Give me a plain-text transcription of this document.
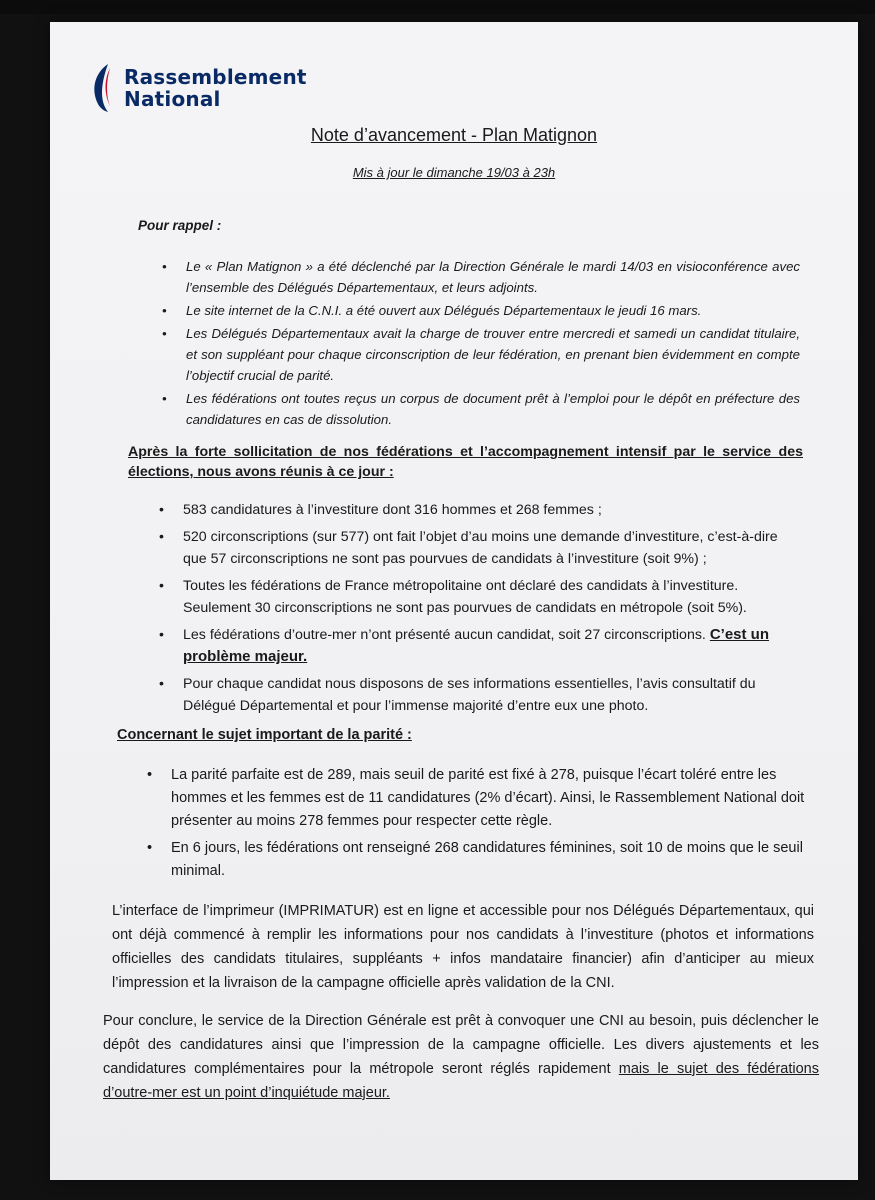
Rassemblement
National
Note d’avancement - Plan Matignon
Mis à jour le dimanche 19/03 à 23h
Pour rappel :
• Le « Plan Matignon » a été déclenché par la Direction Générale le mardi 14/03 en visioconférence avec l’ensemble des Délégués Départementaux, et leurs adjoints.
• Le site internet de la C.N.I. a été ouvert aux Délégués Départementaux le jeudi 16 mars.
• Les Délégués Départementaux avait la charge de trouver entre mercredi et samedi un candidat titulaire, et son suppléant pour chaque circonscription de leur fédération, en prenant bien évidemment en compte l’objectif crucial de parité.
• Les fédérations ont toutes reçus un corpus de document prêt à l’emploi pour le dépôt en préfecture des candidatures en cas de dissolution.
Après la forte sollicitation de nos fédérations et l’accompagnement intensif par le service des élections, nous avons réunis à ce jour :
• 583 candidatures à l’investiture dont 316 hommes et 268 femmes ;
• 520 circonscriptions (sur 577) ont fait l’objet d’au moins une demande d’investiture, c’est-à-dire que 57 circonscriptions ne sont pas pourvues de candidats à l’investiture (soit 9%) ;
• Toutes les fédérations de France métropolitaine ont déclaré des candidats à l’investiture. Seulement 30 circonscriptions ne sont pas pourvues de candidats en métropole (soit 5%).
• Les fédérations d’outre-mer n’ont présenté aucun candidat, soit 27 circonscriptions. C’est un problème majeur.
• Pour chaque candidat nous disposons de ses informations essentielles, l’avis consultatif du Délégué Départemental et pour l’immense majorité d’entre eux une photo.
Concernant le sujet important de la parité :
• La parité parfaite est de 289, mais seuil de parité est fixé à 278, puisque l’écart toléré entre les hommes et les femmes est de 11 candidatures (2% d’écart). Ainsi, le Rassemblement National doit présenter au moins 278 femmes pour respecter cette règle.
• En 6 jours, les fédérations ont renseigné 268 candidatures féminines, soit 10 de moins que le seuil minimal.
L’interface de l’imprimeur (IMPRIMATUR) est en ligne et accessible pour nos Délégués Départementaux, qui ont déjà commencé à remplir les informations pour nos candidats à l’investiture (photos et informations officielles des candidats titulaires, suppléants + infos mandataire financier) afin d’anticiper au mieux l’impression et la livraison de la campagne officielle après validation de la CNI.
Pour conclure, le service de la Direction Générale est prêt à convoquer une CNI au besoin, puis déclencher le dépôt des candidatures ainsi que l’impression de la campagne officielle. Les divers ajustements et les candidatures complémentaires pour la métropole seront réglés rapidement mais le sujet des fédérations d’outre-mer est un point d’inquiétude majeur.
